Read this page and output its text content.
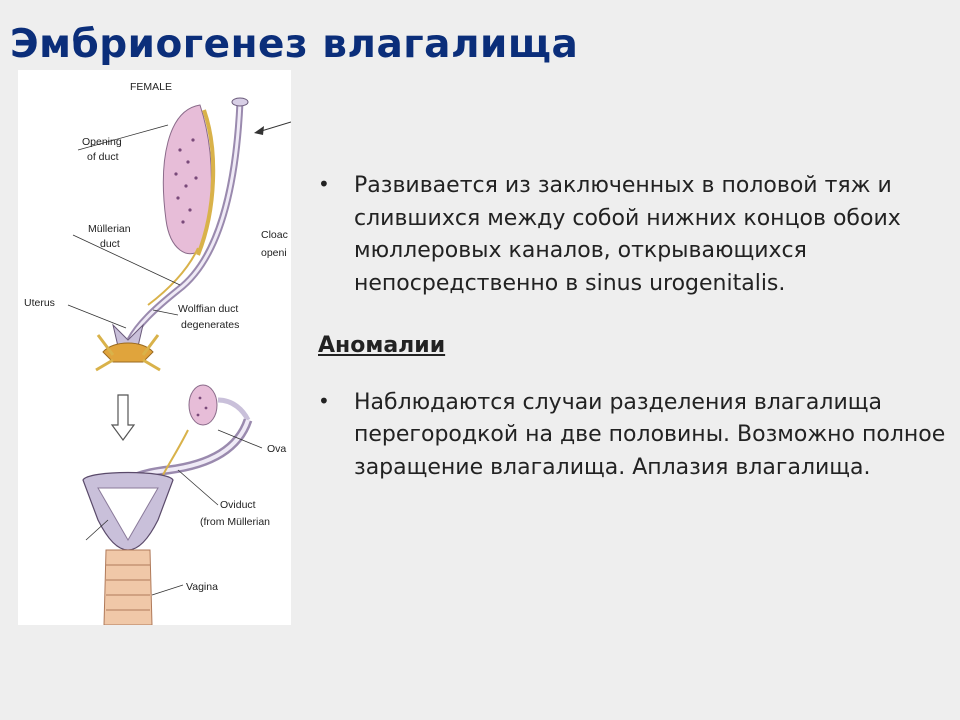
Эмбриогенез влагалища
FEMALE
Opening
of duct
Müllerian
duct
Cloac
openi
Uterus	Wolffian duct
degenerates
Ova
Oviduct
(from Müllerian
Vagina
• Развивается из заключенных в половой тяж и слившихся между собой нижних концов обоих мюллеровых каналов, открывающихся непосредственно в sinus urogenitalis.
Аномалии
• Наблюдаются случаи разделения влагалища перегородкой на две половины. Возможно полное заращение влагалища. Аплазия влагалища.
